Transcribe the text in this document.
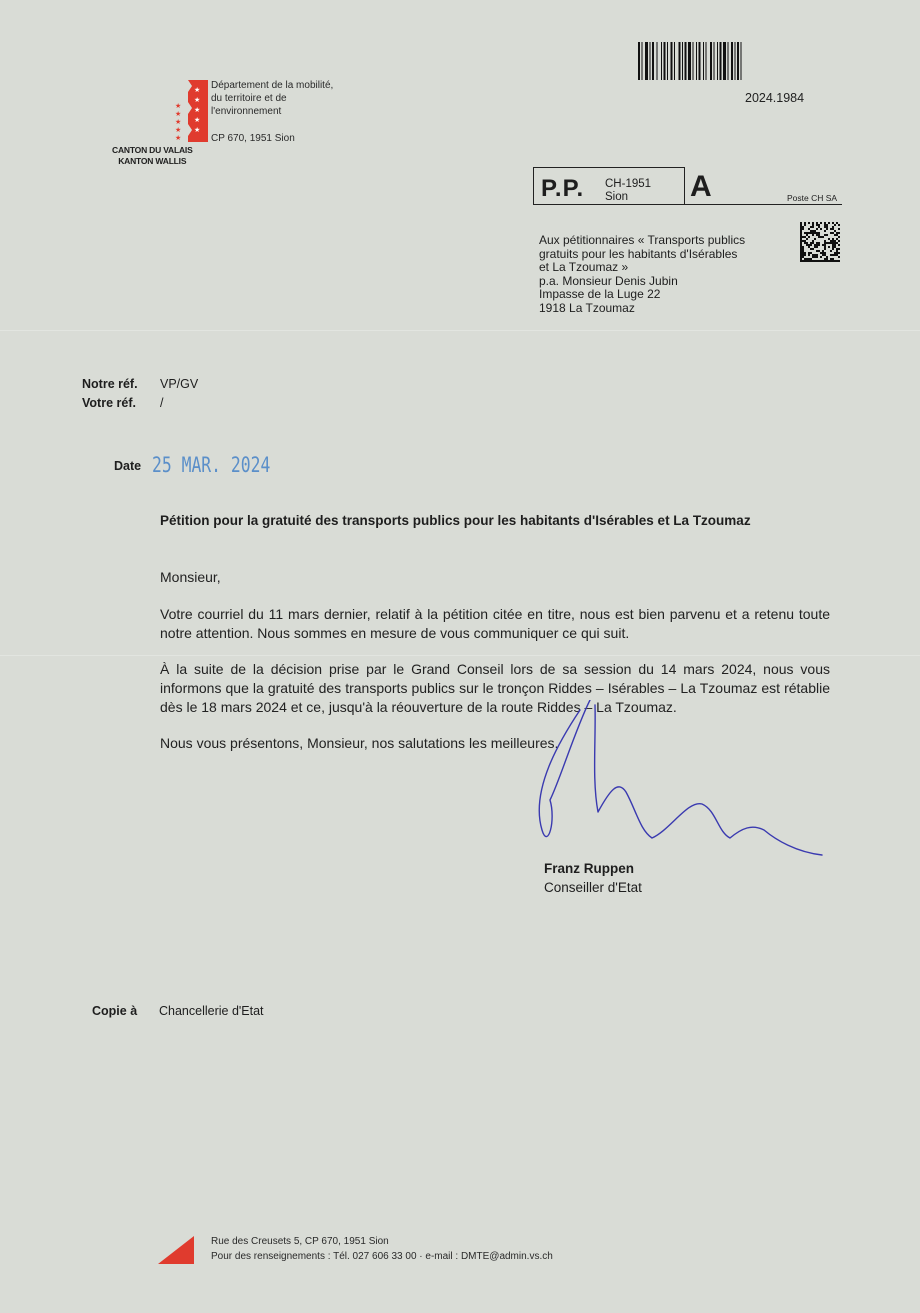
★
★
★
★
★
★
★
★
★
★
Département de la mobilité,
du territoire et de
l'environnement
CP 670, 1951 Sion
CANTON DU VALAIS
KANTON WALLIS
2024.1984
P.P. CH-1951
Sion	A	Poste CH SA
Aux pétitionnaires « Transports publics
gratuits pour les habitants d'Isérables
et La Tzoumaz »
p.a. Monsieur Denis Jubin
Impasse de la Luge 22
1918 La Tzoumaz
Notre réf. VP/GV
Votre réf. /
Date 25 MAR. 2024
Pétition pour la gratuité des transports publics pour les habitants d'Isérables et La Tzoumaz
Monsieur,
Votre courriel du 11 mars dernier, relatif à la pétition citée en titre, nous est bien parvenu et a retenu toute notre attention. Nous sommes en mesure de vous communiquer ce qui suit.
À la suite de la décision prise par le Grand Conseil lors de sa session du 14 mars 2024, nous vous informons que la gratuité des transports publics sur le tronçon Riddes – Isérables – La Tzoumaz est rétablie dès le 18 mars 2024 et ce, jusqu'à la réouverture de la route Riddes – La Tzoumaz.
Nous vous présentons, Monsieur, nos salutations les meilleures.
Franz Ruppen
Conseiller d'Etat
Copie à Chancellerie d'Etat
Rue des Creusets 5, CP 670, 1951 Sion
Pour des renseignements : Tél. 027 606 33 00 · e-mail : DMTE@admin.vs.ch
